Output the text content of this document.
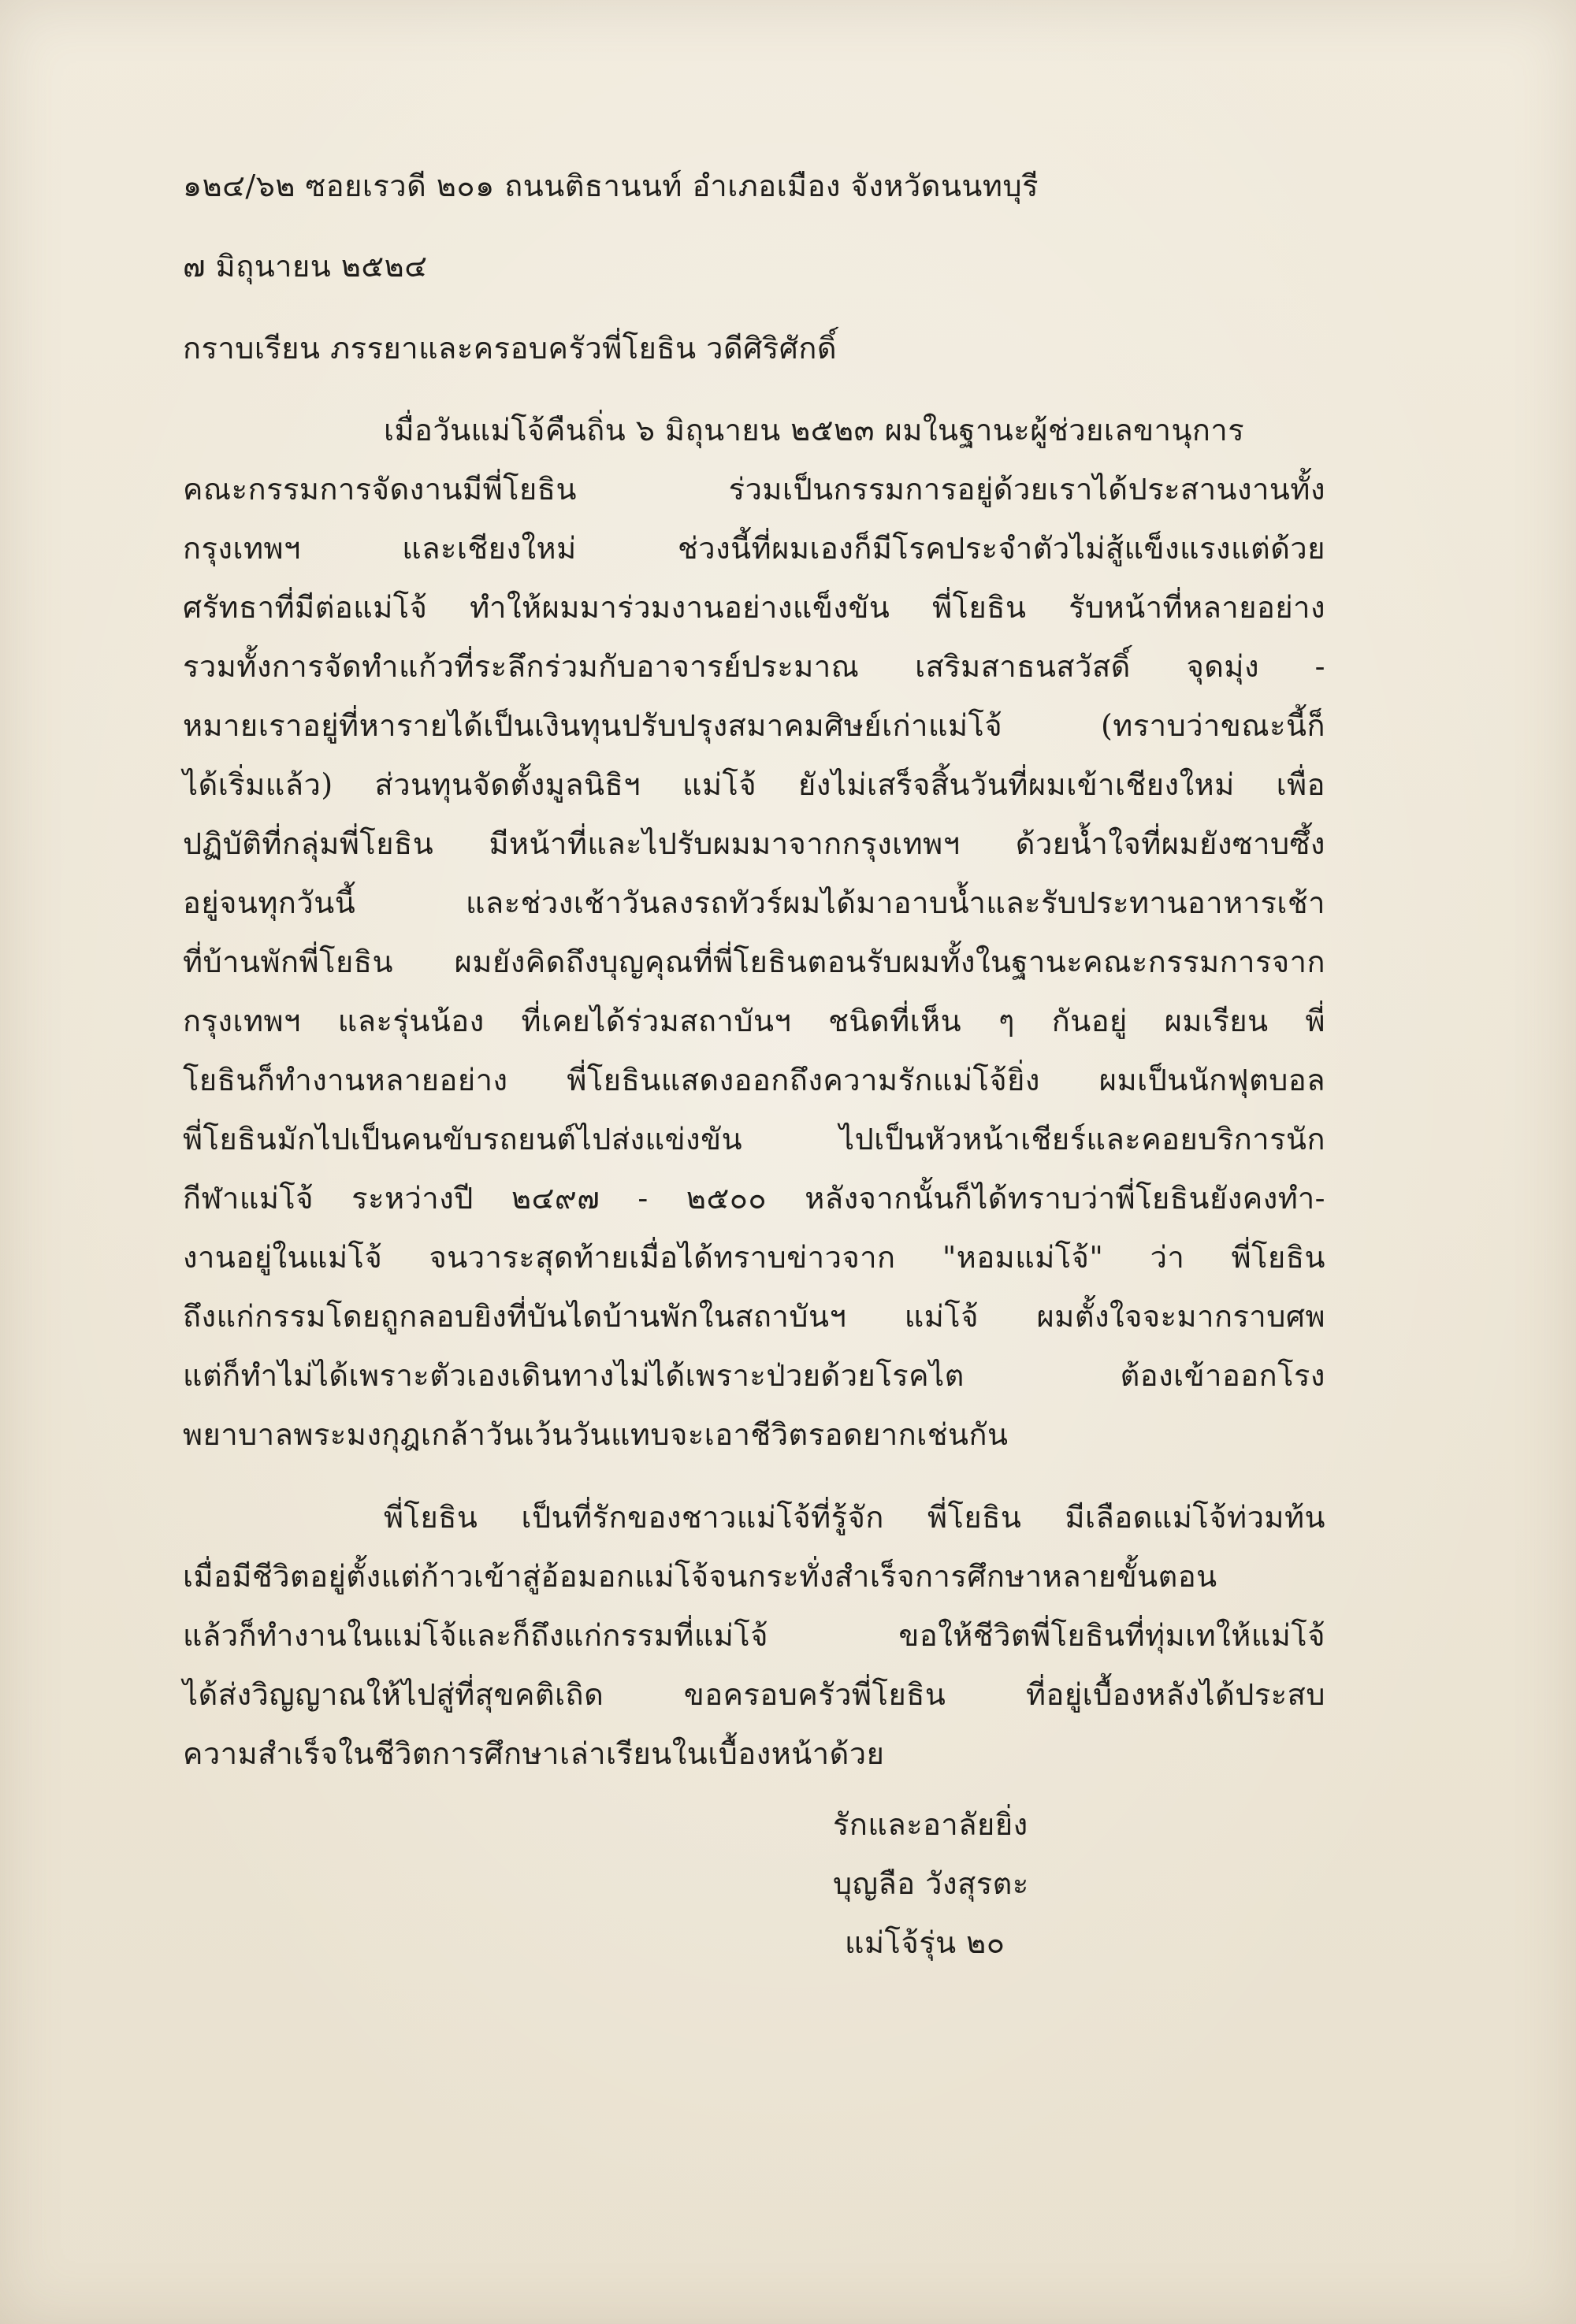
๑๒๔/๖๒ ซอยเรวดี ๒๐๑ ถนนติธานนท์ อำเภอเมือง จังหวัดนนทบุรี
๗ มิถุนายน ๒๕๒๔
กราบเรียน ภรรยาและครอบครัวพี่โยธิน วดีศิริศักดิ์
เมื่อวันแม่โจ้คืนถิ่น ๖ มิถุนายน ๒๕๒๓ ผมในฐานะผู้ช่วยเลขานุการ
คณะกรรมการจัดงานมีพี่โยธิน ร่วมเป็นกรรมการอยู่ด้วยเราได้ประสานงานทั้ง
กรุงเทพฯ และเชียงใหม่ ช่วงนี้ที่ผมเองก็มีโรคประจำตัวไม่สู้แข็งแรงแต่ด้วย
ศรัทธาที่มีต่อแม่โจ้ ทำให้ผมมาร่วมงานอย่างแข็งขัน พี่โยธิน รับหน้าที่หลายอย่าง
รวมทั้งการจัดทำแก้วที่ระลึกร่วมกับอาจารย์ประมาณ เสริมสาธนสวัสดิ์ จุดมุ่ง -
หมายเราอยู่ที่หารายได้เป็นเงินทุนปรับปรุงสมาคมศิษย์เก่าแม่โจ้ (ทราบว่าขณะนี้ก็
ได้เริ่มแล้ว) ส่วนทุนจัดตั้งมูลนิธิฯ แม่โจ้ ยังไม่เสร็จสิ้นวันที่ผมเข้าเชียงใหม่ เพื่อ
ปฏิบัติที่กลุ่มพี่โยธิน มีหน้าที่และไปรับผมมาจากกรุงเทพฯ ด้วยน้ำใจที่ผมยังซาบซึ้ง
อยู่จนทุกวันนี้ และช่วงเช้าวันลงรถทัวร์ผมได้มาอาบน้ำและรับประทานอาหารเช้า
ที่บ้านพักพี่โยธิน ผมยังคิดถึงบุญคุณที่พี่โยธินตอนรับผมทั้งในฐานะคณะกรรมการจาก
กรุงเทพฯ และรุ่นน้อง ที่เคยได้ร่วมสถาบันฯ ชนิดที่เห็น ๆ กันอยู่ ผมเรียน พี่
โยธินก็ทำงานหลายอย่าง พี่โยธินแสดงออกถึงความรักแม่โจ้ยิ่ง ผมเป็นนักฟุตบอล
พี่โยธินมักไปเป็นคนขับรถยนต์ไปส่งแข่งขัน ไปเป็นหัวหน้าเชียร์และคอยบริการนัก
กีฬาแม่โจ้ ระหว่างปี ๒๔๙๗ - ๒๕๐๐ หลังจากนั้นก็ได้ทราบว่าพี่โยธินยังคงทำ-
งานอยู่ในแม่โจ้ จนวาระสุดท้ายเมื่อได้ทราบข่าวจาก "หอมแม่โจ้" ว่า พี่โยธิน
ถึงแก่กรรมโดยถูกลอบยิงที่บันไดบ้านพักในสถาบันฯ แม่โจ้ ผมตั้งใจจะมากราบศพ
แต่ก็ทำไม่ได้เพราะตัวเองเดินทางไม่ได้เพราะป่วยด้วยโรคไต ต้องเข้าออกโรง
พยาบาลพระมงกุฎเกล้าวันเว้นวันแทบจะเอาชีวิตรอดยากเช่นกัน
พี่โยธิน เป็นที่รักของชาวแม่โจ้ที่รู้จัก พี่โยธิน มีเลือดแม่โจ้ท่วมท้น
เมื่อมีชีวิตอยู่ตั้งแต่ก้าวเข้าสู่อ้อมอกแม่โจ้จนกระทั่งสำเร็จการศึกษาหลายขั้นตอน
แล้วก็ทำงานในแม่โจ้และก็ถึงแก่กรรมที่แม่โจ้ ขอให้ชีวิตพี่โยธินที่ทุ่มเทให้แม่โจ้
ได้ส่งวิญญาณให้ไปสู่ที่สุขคติเถิด ขอครอบครัวพี่โยธิน ที่อยู่เบื้องหลังได้ประสบ
ความสำเร็จในชีวิตการศึกษาเล่าเรียนในเบื้องหน้าด้วย
รักและอาลัยยิ่ง
บุญลือ วังสุรตะ
แม่โจ้รุ่น ๒๐
